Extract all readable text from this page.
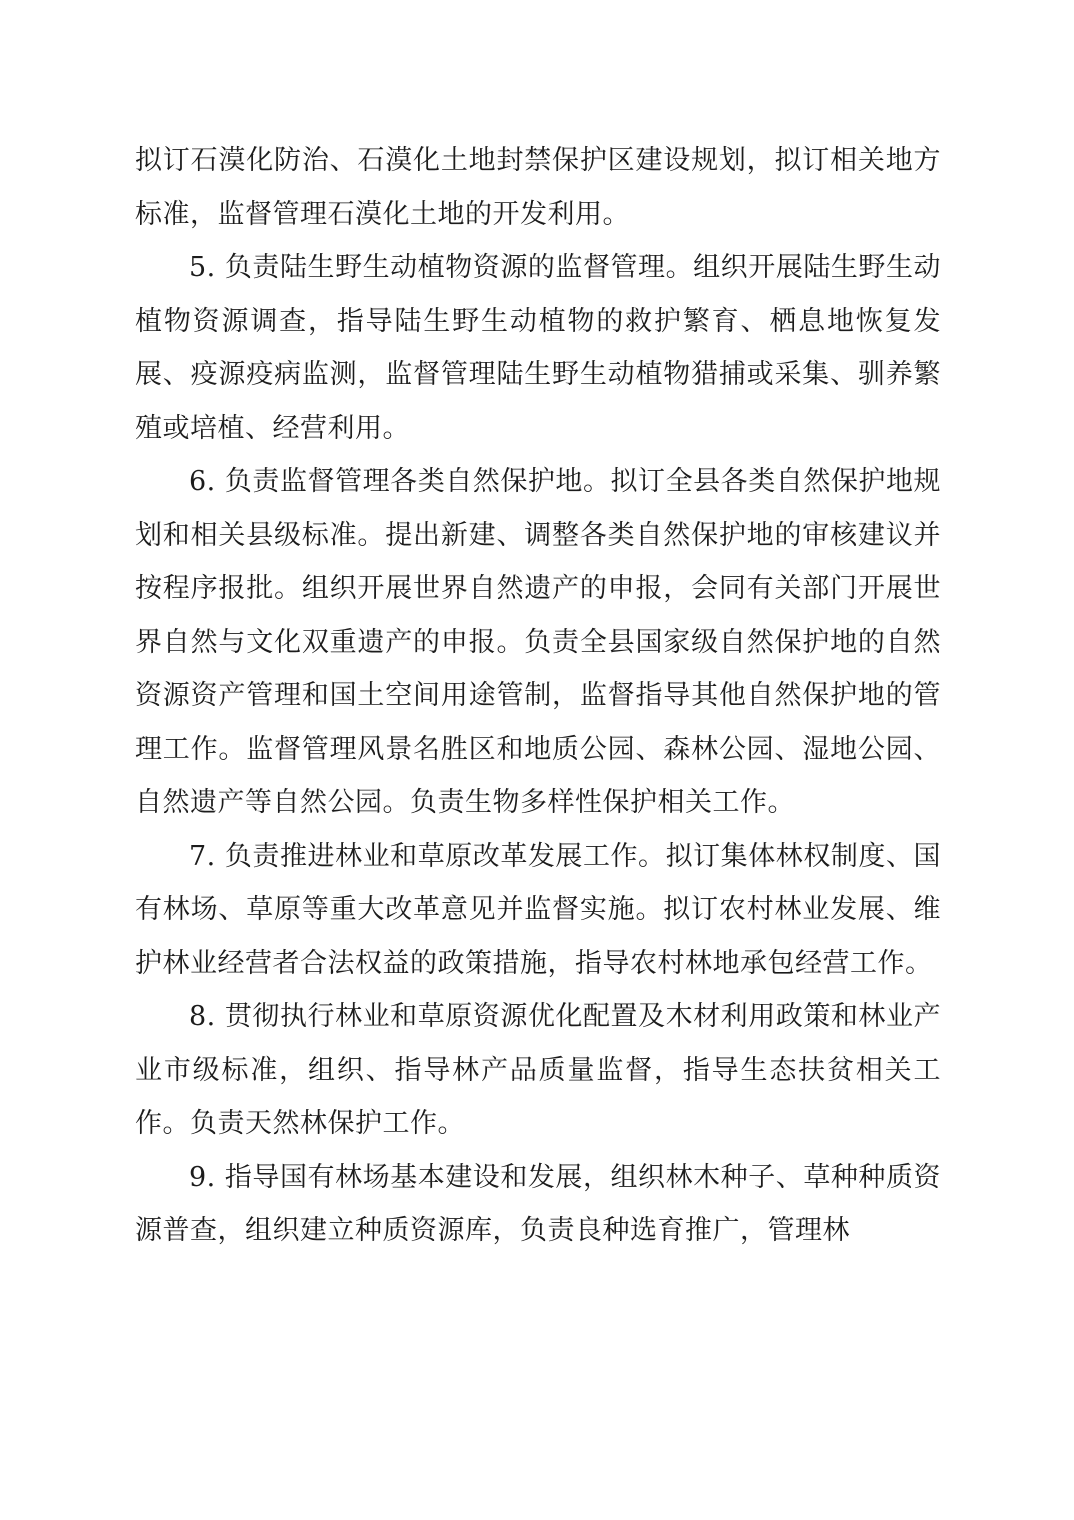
拟订石漠化防治、石漠化土地封禁保护区建设规划，拟订相关地方标准，监督管理石漠化土地的开发利用。

5. 负责陆生野生动植物资源的监督管理。组织开展陆生野生动植物资源调查，指导陆生野生动植物的救护繁育、栖息地恢复发展、疫源疫病监测，监督管理陆生野生动植物猎捕或采集、驯养繁殖或培植、经营利用。

6. 负责监督管理各类自然保护地。拟订全县各类自然保护地规划和相关县级标准。提出新建、调整各类自然保护地的审核建议并按程序报批。组织开展世界自然遗产的申报，会同有关部门开展世界自然与文化双重遗产的申报。负责全县国家级自然保护地的自然资源资产管理和国土空间用途管制，监督指导其他自然保护地的管理工作。监督管理风景名胜区和地质公园、森林公园、湿地公园、自然遗产等自然公园。负责生物多样性保护相关工作。

7. 负责推进林业和草原改革发展工作。拟订集体林权制度、国有林场、草原等重大改革意见并监督实施。拟订农村林业发展、维护林业经营者合法权益的政策措施，指导农村林地承包经营工作。

8. 贯彻执行林业和草原资源优化配置及木材利用政策和林业产业市级标准，组织、指导林产品质量监督，指导生态扶贫相关工作。负责天然林保护工作。

9. 指导国有林场基本建设和发展，组织林木种子、草种种质资源普查，组织建立种质资源库，负责良种选育推广，管理林
